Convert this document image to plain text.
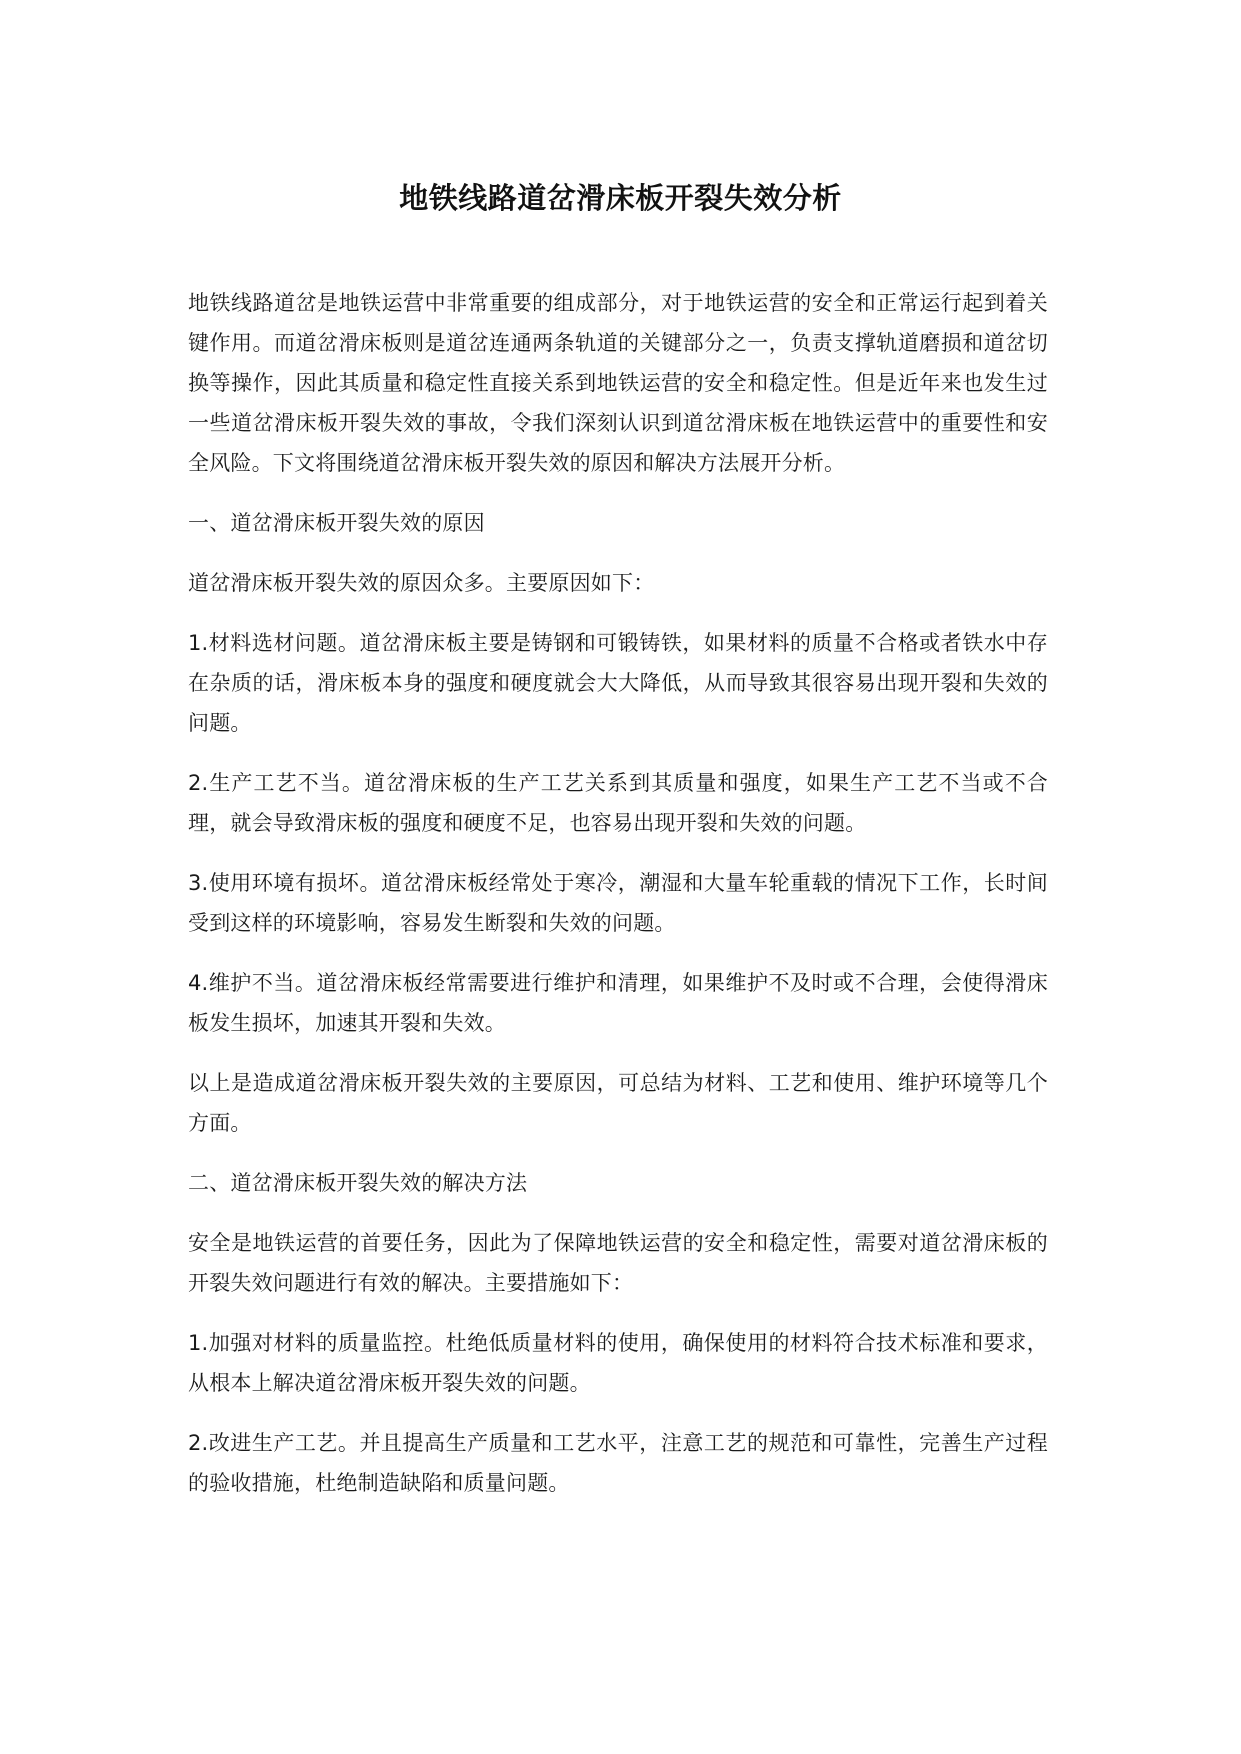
地铁线路道岔滑床板开裂失效分析

地铁线路道岔是地铁运营中非常重要的组成部分，对于地铁运营的安全和正常运行起到着关键作用。而道岔滑床板则是道岔连通两条轨道的关键部分之一，负责支撑轨道磨损和道岔切换等操作，因此其质量和稳定性直接关系到地铁运营的安全和稳定性。但是近年来也发生过一些道岔滑床板开裂失效的事故，令我们深刻认识到道岔滑床板在地铁运营中的重要性和安全风险。下文将围绕道岔滑床板开裂失效的原因和解决方法展开分析。

一、道岔滑床板开裂失效的原因

道岔滑床板开裂失效的原因众多。主要原因如下：

1.材料选材问题。道岔滑床板主要是铸钢和可锻铸铁，如果材料的质量不合格或者铁水中存在杂质的话，滑床板本身的强度和硬度就会大大降低，从而导致其很容易出现开裂和失效的问题。

2.生产工艺不当。道岔滑床板的生产工艺关系到其质量和强度，如果生产工艺不当或不合理，就会导致滑床板的强度和硬度不足，也容易出现开裂和失效的问题。

3.使用环境有损坏。道岔滑床板经常处于寒冷，潮湿和大量车轮重载的情况下工作，长时间受到这样的环境影响，容易发生断裂和失效的问题。

4.维护不当。道岔滑床板经常需要进行维护和清理，如果维护不及时或不合理，会使得滑床板发生损坏，加速其开裂和失效。

以上是造成道岔滑床板开裂失效的主要原因，可总结为材料、工艺和使用、维护环境等几个方面。

二、道岔滑床板开裂失效的解决方法

安全是地铁运营的首要任务，因此为了保障地铁运营的安全和稳定性，需要对道岔滑床板的开裂失效问题进行有效的解决。主要措施如下：

1.加强对材料的质量监控。杜绝低质量材料的使用，确保使用的材料符合技术标准和要求，从根本上解决道岔滑床板开裂失效的问题。

2.改进生产工艺。并且提高生产质量和工艺水平，注意工艺的规范和可靠性，完善生产过程的验收措施，杜绝制造缺陷和质量问题。
